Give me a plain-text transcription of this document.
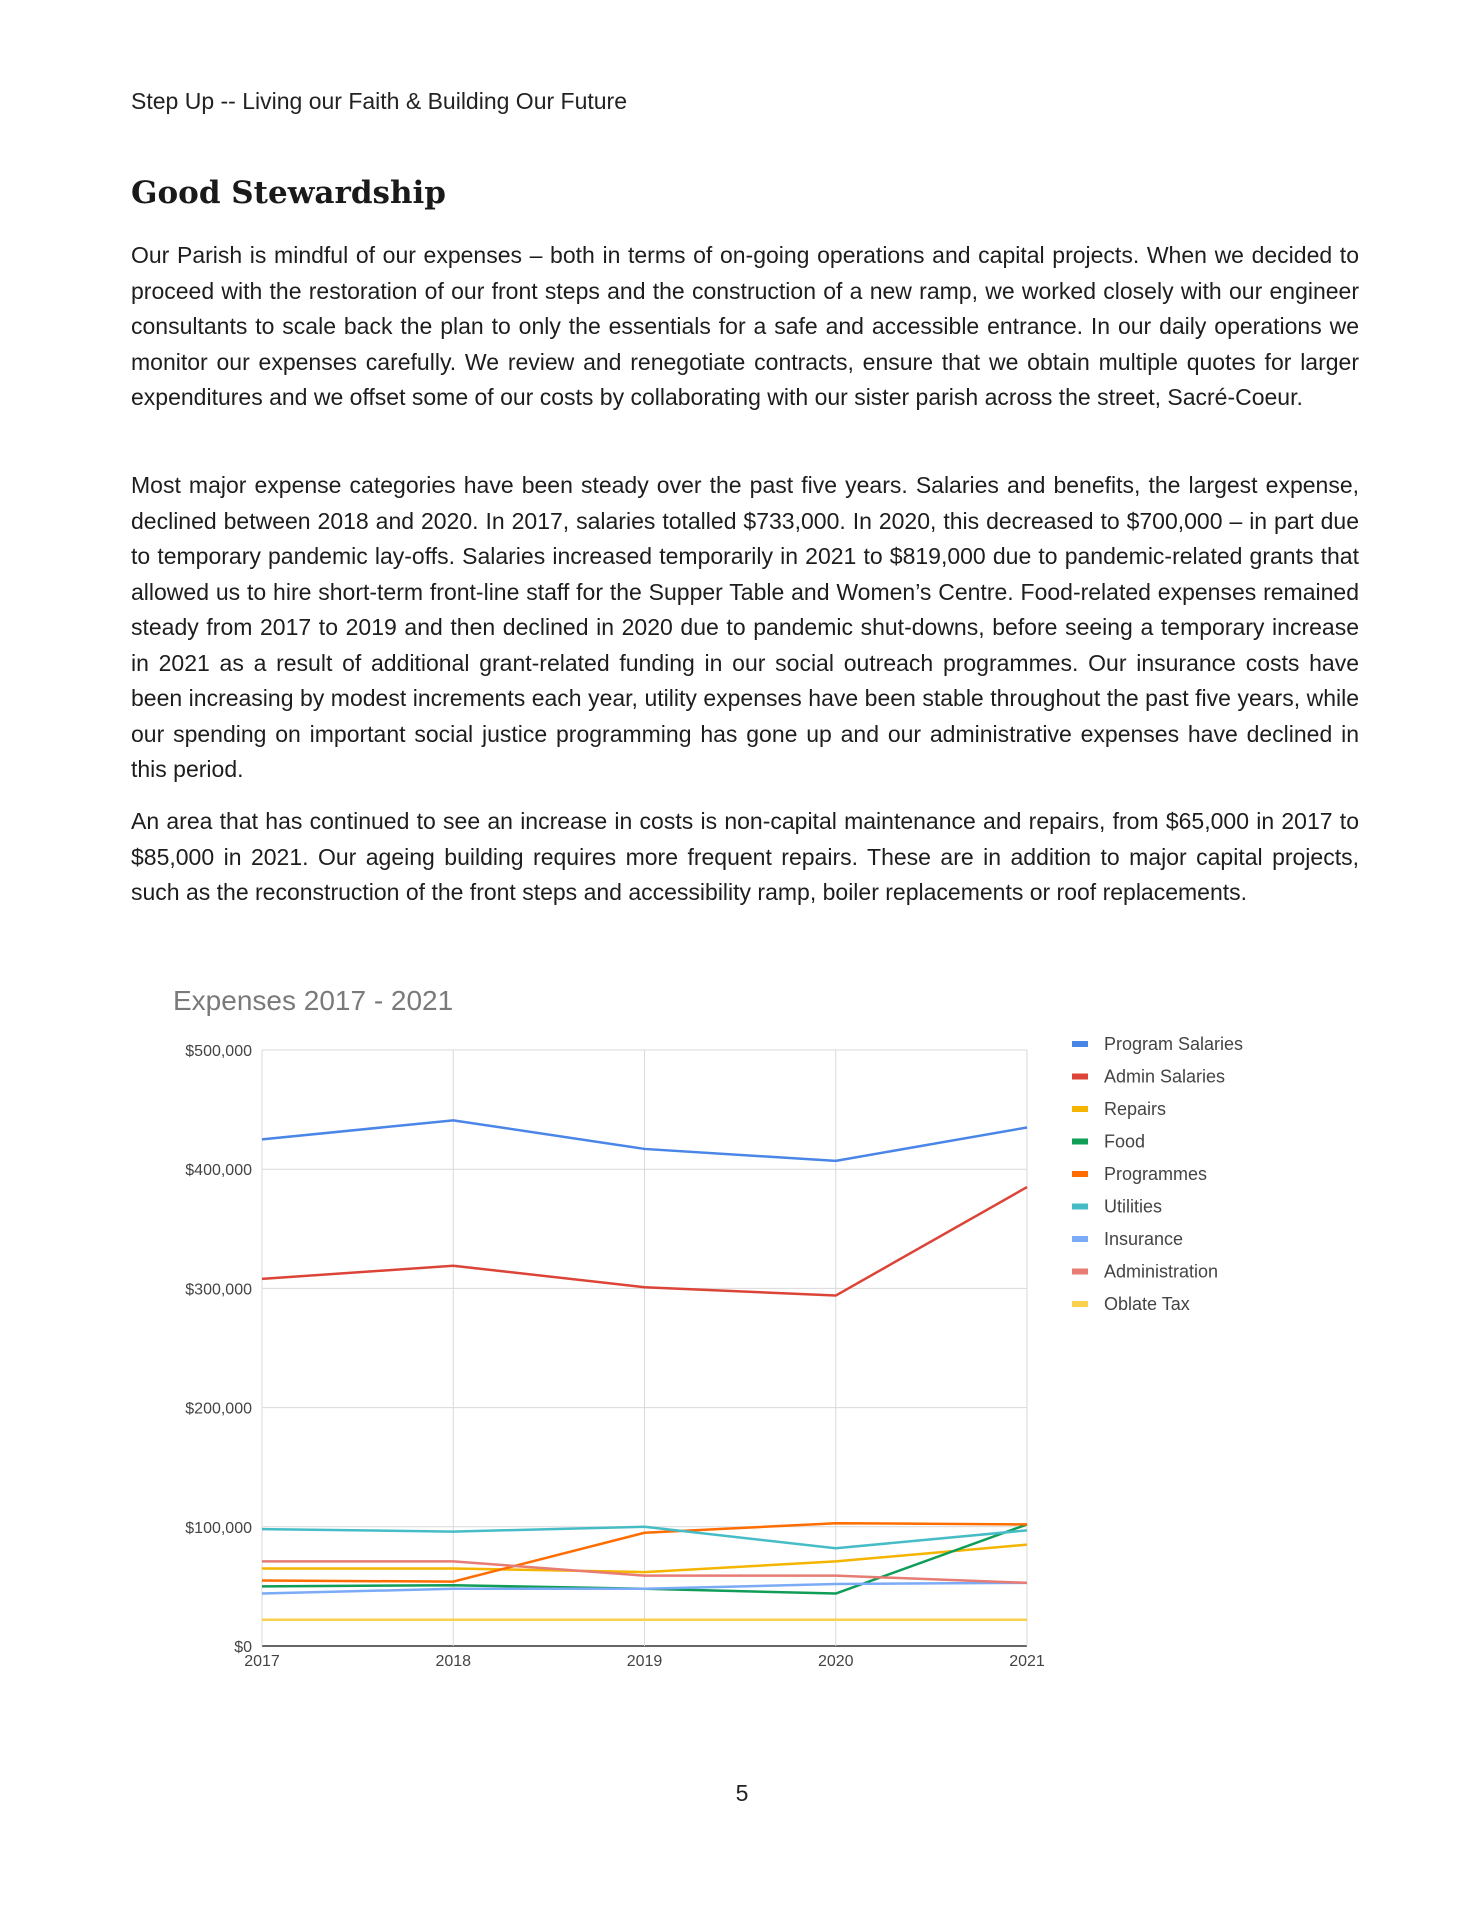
Step Up -- Living our Faith & Building Our Future
Good Stewardship

Our Parish is mindful of our expenses – both in terms of on-going operations and capital projects. When we decided to proceed with the restoration of our front steps and the construction of a new ramp, we worked closely with our engineer consultants to scale back the plan to only the essentials for a safe and accessible entrance. In our daily operations we monitor our expenses carefully. We review and renegotiate contracts, ensure that we obtain multiple quotes for larger expenditures and we offset some of our costs by collaborating with our sister parish across the street, Sacré-Coeur.

Most major expense categories have been steady over the past five years. Salaries and benefits, the largest expense, declined between 2018 and 2020. In 2017, salaries totalled $733,000. In 2020, this decreased to $700,000 – in part due to temporary pandemic lay-offs. Salaries increased temporarily in 2021 to $819,000 due to pandemic-related grants that allowed us to hire short-term front-line staff for the Supper Table and Women’s Centre. Food-related expenses remained steady from 2017 to 2019 and then declined in 2020 due to pandemic shut-downs, before seeing a temporary increase in 2021 as a result of additional grant-related funding in our social outreach programmes. Our insurance costs have been increasing by modest increments each year, utility expenses have been stable throughout the past five years, while our spending on important social justice programming has gone up and our administrative expenses have declined in this period.

An area that has continued to see an increase in costs is non-capital maintenance and repairs, from $65,000 in 2017 to $85,000 in 2021. Our ageing building requires more frequent repairs. These are in addition to major capital projects, such as the reconstruction of the front steps and accessibility ramp, boiler replacements or roof replacements.

Expenses 2017 - 2021
$0
$100,000
$200,000
$300,000
$400,000
$500,000
2017	2018	2019	2020	2021
Program Salaries
Admin Salaries
Repairs
Food
Programmes
Utilities
Insurance
Administration
Oblate Tax
5
